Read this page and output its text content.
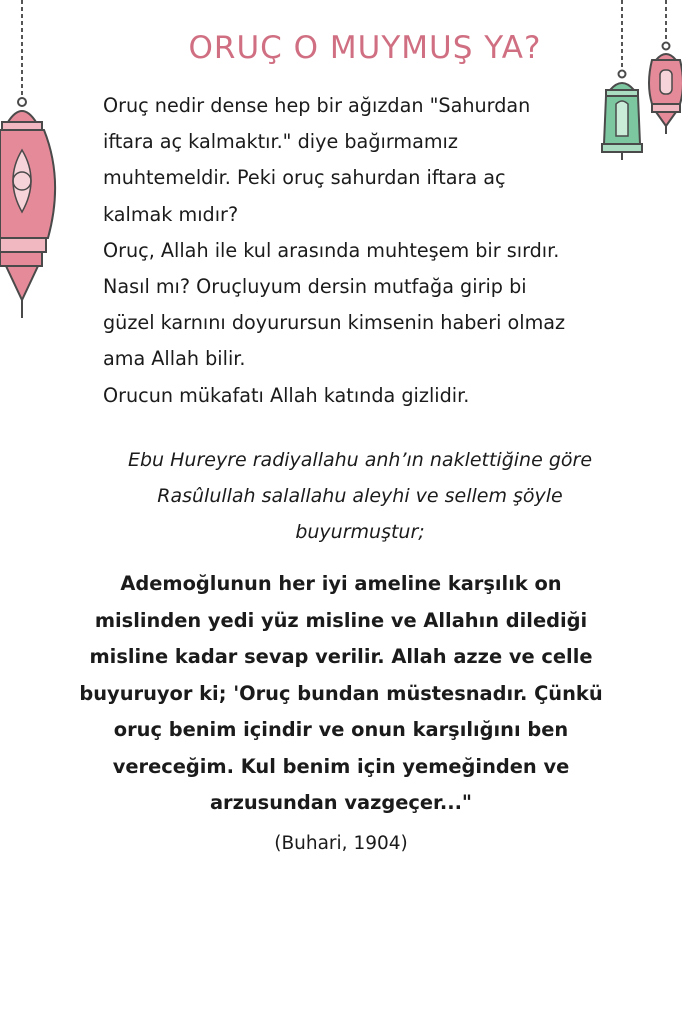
ORUÇ O MUYMUŞ YA?
Oruç nedir dense hep bir ağızdan "Sahurdan
iftara aç kalmaktır." diye bağırmamız
muhtemeldir. Peki oruç sahurdan iftara aç
kalmak mıdır?
Oruç, Allah ile kul arasında muhteşem bir sırdır.
Nasıl mı? Oruçluyum dersin mutfağa girip bi
güzel karnını doyurursun kimsenin haberi olmaz
ama Allah bilir.
Orucun mükafatı Allah katında gizlidir.
Ebu Hureyre radiyallahu anh’ın naklettiğine göre
Rasûlullah salallahu aleyhi ve sellem şöyle
buyurmuştur;
Ademoğlunun her iyi ameline karşılık on
mislinden yedi yüz misline ve Allahın dilediği
misline kadar sevap verilir. Allah azze ve celle
buyuruyor ki; 'Oruç bundan müstesnadır. Çünkü
oruç benim içindir ve onun karşılığını ben
vereceğim. Kul benim için yemeğinden ve
arzusundan vazgeçer..."
(Buhari, 1904)
